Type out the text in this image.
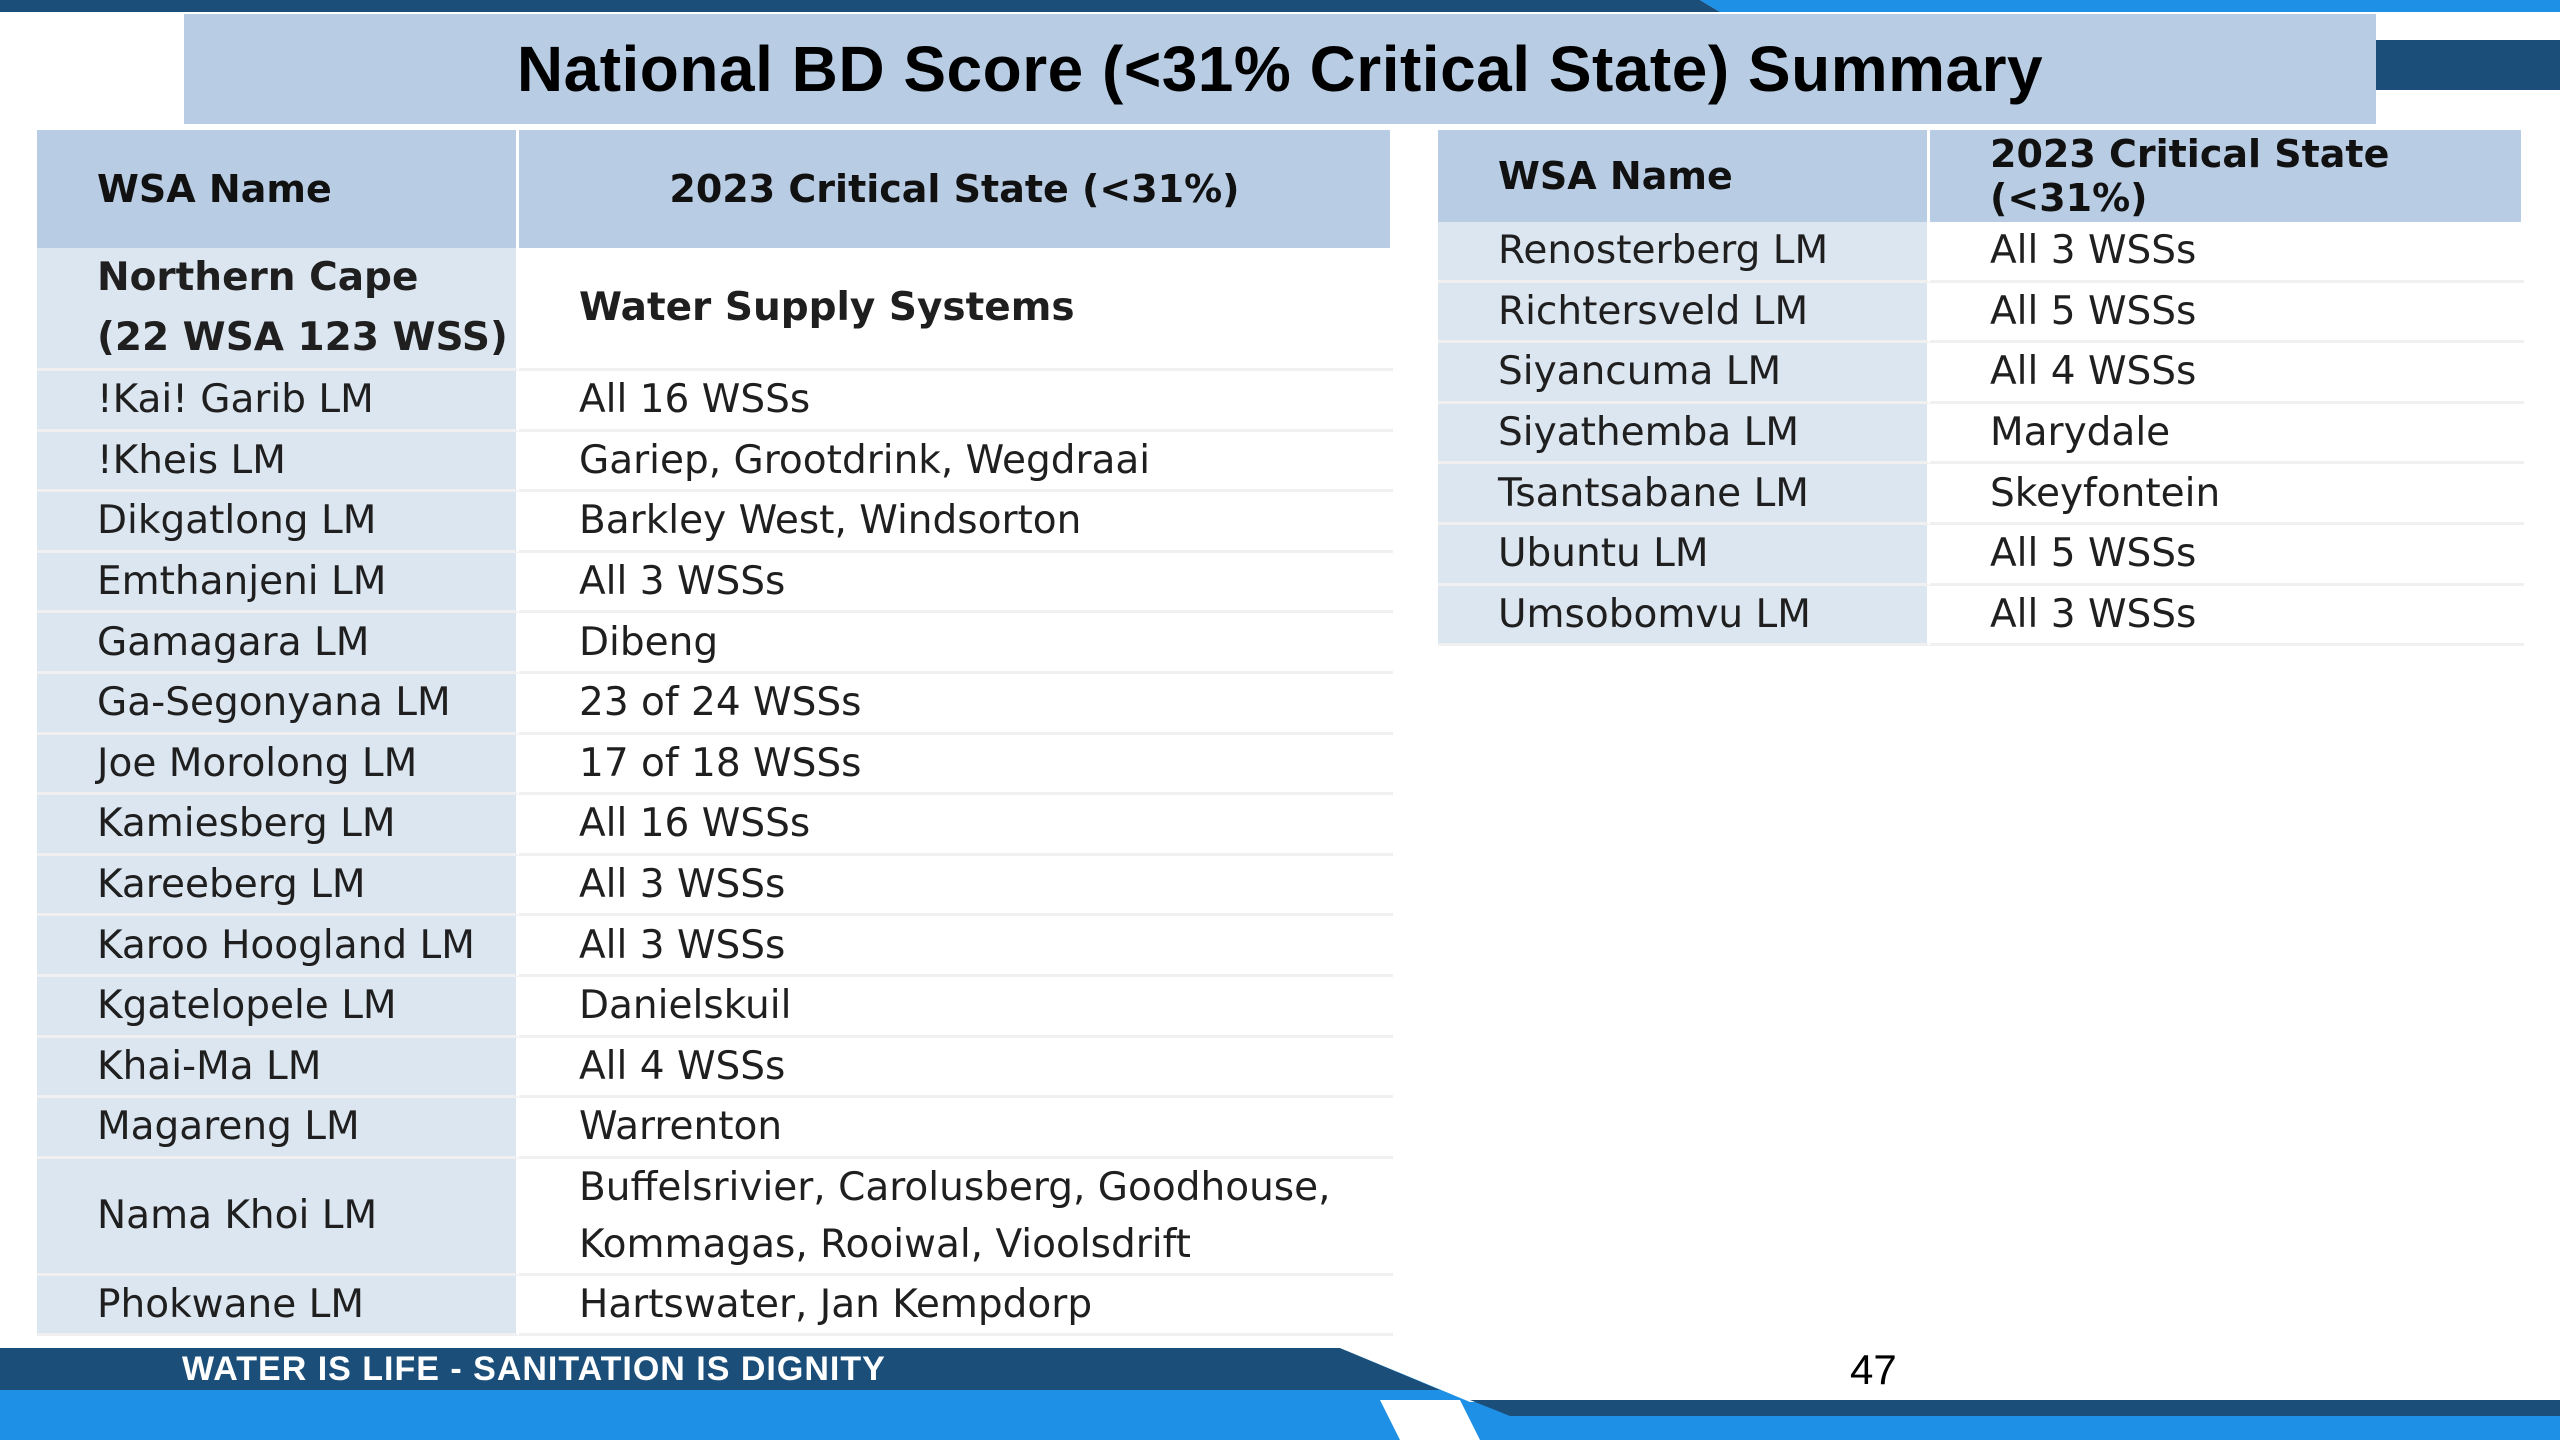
National BD Score (<31% Critical State) Summary
WSA Name	2023 Critical State (<31%)

Northern Cape
(22 WSA 123 WSS)	Water Supply Systems
!Kai! Garib LM	All 16 WSSs
!Kheis LM	Gariep, Grootdrink, Wegdraai
Dikgatlong LM	Barkley West, Windsorton
Emthanjeni LM	All 3 WSSs
Gamagara LM	Dibeng
Ga-Segonyana LM	23 of 24 WSSs
Joe Morolong LM	17 of 18 WSSs
Kamiesberg LM	All 16 WSSs
Kareeberg LM	All 3 WSSs
Karoo Hoogland LM	All 3 WSSs
Kgatelopele LM	Danielskuil
Khai-Ma LM	All 4 WSSs
Magareng LM	Warrenton
Nama Khoi LM	Buffelsrivier, Carolusberg, Goodhouse,
Kommagas, Rooiwal, Vioolsdrift

Phokwane LM	Hartswater, Jan Kempdorp
WSA Name	2023 Critical State (<31%)
Renosterberg LM	All 3 WSSs
Richtersveld LM	All 5 WSSs
Siyancuma LM	All 4 WSSs
Siyathemba LM	Marydale
Tsantsabane LM	Skeyfontein
Ubuntu LM	All 5 WSSs
Umsobomvu LM	All 3 WSSs
WATER IS LIFE - SANITATION IS DIGNITY	47
